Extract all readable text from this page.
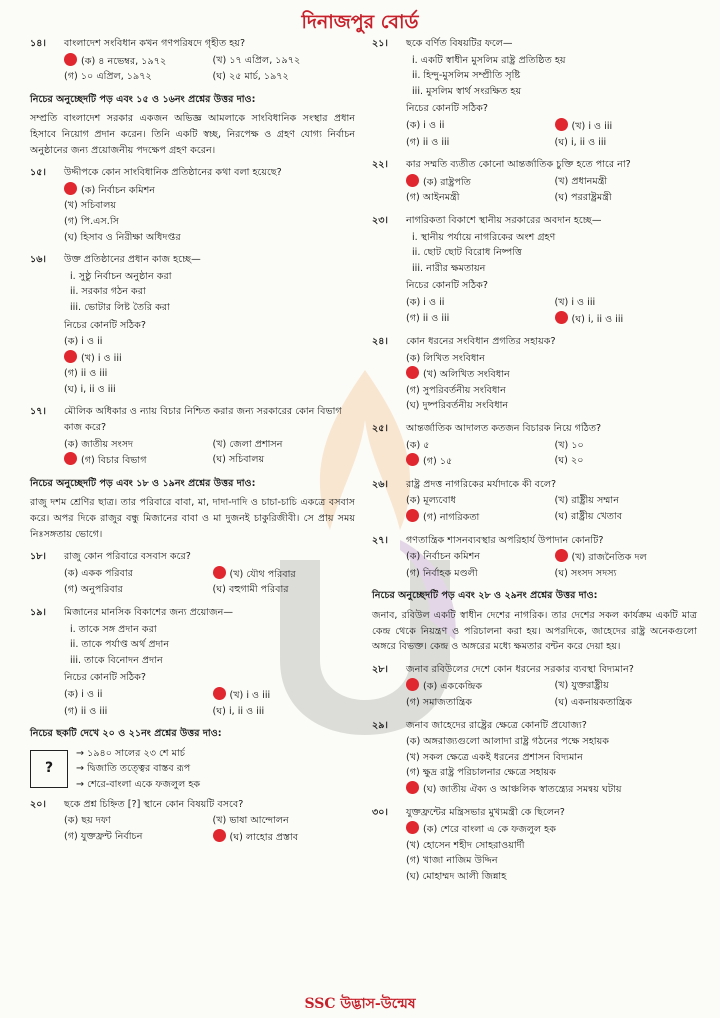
দিনাজপুর বোর্ড
১৪।	বাংলাদেশ সংবিধান কখন গণপরিষদে গৃহীত হয়?
(ক) ৪ নভেম্বর, ১৯৭২	(খ) ১৭ এপ্রিল, ১৯৭২
(গ) ১০ এপ্রিল, ১৯৭২	(ঘ) ২৫ মার্চ, ১৯৭২
নিচের অনুচ্ছেদটি পড় এবং ১৫ ও ১৬নং প্রশ্নের উত্তর দাও:
সম্প্রতি বাংলাদেশ সরকার একজন অভিজ্ঞ আমলাকে সাংবিধানিক সংস্থার প্রধান হিসাবে নিয়োগ প্রদান করেন। তিনি একটি স্বচ্ছ, নিরপেক্ষ ও গ্রহণ যোগ্য নির্বাচন অনুষ্ঠানের জন্য প্রয়োজনীয় পদক্ষেপ গ্রহণ করেন।
১৫।	উদ্দীপকে কোন সাংবিধানিক প্রতিষ্ঠানের কথা বলা হয়েছে?
(ক) নির্বাচন কমিশন
(খ) সচিবালয়
(গ) পি.এস.সি
(ঘ) হিসাব ও নিরীক্ষা অধিদপ্তর
১৬।	উক্ত প্রতিষ্ঠানের প্রধান কাজ হচ্ছে—
i. সুষ্ঠু নির্বাচন অনুষ্ঠান করা
ii. সরকার গঠন করা
iii. ভোটার লিষ্ট তৈরি করা
নিচের কোনটি সঠিক?
(ক) i ও ii
(খ) i ও iii
(গ) ii ও iii
(ঘ) i, ii ও iii
১৭।	মৌলিক অধিকার ও ন্যায় বিচার নিশ্চিত করার জন্য সরকারের কোন বিভাগ কাজ করে?
(ক) জাতীয় সংসদ	(খ) জেলা প্রশাসন
(গ) বিচার বিভাগ	(ঘ) সচিবালয়
নিচের অনুচ্ছেদটি পড় এবং ১৮ ও ১৯নং প্রশ্নের উত্তর দাও:
রাজু দশম শ্রেণির ছাত্র। তার পরিবারে বাবা, মা, দাদা-দাদি ও চাচা-চাচি একত্রে বসবাস করে। অপর দিকে রাজুর বন্ধু মিজানের বাবা ও মা দুজনই চাকুরিজীবী। সে প্রায় সময় নিঃসঙ্গতায় ভোগে।
১৮।	রাজু কোন পরিবারে বসবাস করে?
(ক) একক পরিবার	(খ) যৌথ পরিবার
(গ) অনুপরিবার	(ঘ) বহুগামী পরিবার
১৯।	মিজানের মানসিক বিকাশের জন্য প্রয়োজন—
i. তাকে সঙ্গ প্রদান করা
ii. তাকে পর্যাপ্ত অর্থ প্রদান
iii. তাকে বিনোদন প্রদান
নিচের কোনটি সঠিক?
(ক) i ও ii	(খ) i ও iii
(গ) ii ও iii	(ঘ) i, ii ও iii
নিচের ছকটি দেখে ২০ ও ২১নং প্রশ্নের উত্তর দাও:
?
→ ১৯৪০ সালের ২৩ শে মার্চ
→ দ্বিজাতি তত্ত্বের বাস্তব রূপ
→ শেরে-বাংলা একে ফজলুল হক
২০।	ছকে প্রশ্ন চিহ্নিত [?] স্থানে কোন বিষয়টি বসবে?
(ক) ছয় দফা	(খ) ভাষা আন্দোলন
(গ) যুক্তফ্রন্ট নির্বাচন	(ঘ) লাহোর প্রস্তাব
২১।	ছকে বর্ণিত বিষয়টির ফলে—
i. একটি স্বাধীন মুসলিম রাষ্ট্র প্রতিষ্ঠিত হয়
ii. হিন্দু-মুসলিম সম্প্রীতি সৃষ্টি
iii. মুসলিম স্বার্থ সংরক্ষিত হয়
নিচের কোনটি সঠিক?
(ক) i ও ii	(খ) i ও iii
(গ) ii ও iii	(ঘ) i, ii ও iii
২২।	কার সম্মতি ব্যতীত কোনো আন্তর্জাতিক চুক্তি হতে পারে না?
(ক) রাষ্ট্রপতি	(খ) প্রধানমন্ত্রী
(গ) আইনমন্ত্রী	(ঘ) পররাষ্ট্রমন্ত্রী
২৩।	নাগরিকতা বিকাশে স্থানীয় সরকারের অবদান হচ্ছে—
i. স্থানীয় পর্যায়ে নাগরিকের অংশ গ্রহণ
ii. ছোট ছোট বিরোধ নিষ্পত্তি
iii. নারীর ক্ষমতায়ন
নিচের কোনটি সঠিক?
(ক) i ও ii	(খ) i ও iii
(গ) ii ও iii	(ঘ) i, ii ও iii
২৪।	কোন ধরনের সংবিধান প্রগতির সহায়ক?
(ক) লিখিত সংবিধান
(খ) অলিখিত সংবিধান
(গ) সুপরিবর্তনীয় সংবিধান
(ঘ) দুষ্পরিবর্তনীয় সংবিধান
২৫।	আন্তর্জাতিক আদালত কতজন বিচারক নিয়ে গঠিত?
(ক) ৫	(খ) ১০
(গ) ১৫	(ঘ) ২০
২৬।	রাষ্ট্র প্রদত্ত নাগরিকের মর্যাদাকে কী বলে?
(ক) মূল্যবোধ	(খ) রাষ্ট্রীয় সম্মান
(গ) নাগরিকতা	(ঘ) রাষ্ট্রীয় খেতাব
২৭।	গণতান্ত্রিক শাসনব্যবস্থার অপরিহার্য উপাদান কোনটি?
(ক) নির্বাচন কমিশন	(খ) রাজনৈতিক দল
(গ) নির্বাহক মণ্ডলী	(ঘ) সংসদ সদস্য
নিচের অনুচ্ছেদটি পড় এবং ২৮ ও ২৯নং প্রশ্নের উত্তর দাও:
জনাব, রবিউল একটি স্বাধীন দেশের নাগরিক। তার দেশের সকল কার্যক্রম একটি মাত্র কেন্দ্র থেকে নিয়ন্ত্রণ ও পরিচালনা করা হয়। অপরদিকে, জাহেদের রাষ্ট্র অনেকগুলো অঙ্গরে বিভক্ত। কেন্দ্র ও অঙ্গরের মধ্যে ক্ষমতার বন্টন করে দেয়া হয়।
২৮।	জনাব রবিউলের দেশে কোন ধরনের সরকার ব্যবস্থা বিদ্যমান?
(ক) এককেন্দ্রিক	(খ) যুক্তরাষ্ট্রীয়
(গ) সমাজতান্ত্রিক	(ঘ) একনায়কতান্ত্রিক
২৯।	জনাব জাহেদের রাষ্ট্রের ক্ষেত্রে কোনটি প্রযোজ্য?
(ক) অঙ্গরাজ্যগুলো আলাদা রাষ্ট্র গঠনের পক্ষে সহায়ক
(খ) সকল ক্ষেত্রে একই ধরনের প্রশাসন বিদ্যমান
(গ) ক্ষুদ্র রাষ্ট্র পরিচালনার ক্ষেত্রে সহায়ক
(ঘ) জাতীয় ঐক্য ও আঞ্চলিক স্বাতন্ত্র্যের সমন্বয় ঘটায়
৩০।	যুক্তফ্রন্টের মন্ত্রিসভার মুখ্যমন্ত্রী কে ছিলেন?
(ক) শেরে বাংলা এ কে ফজলুল হক
(খ) হোসেন শহীদ সোহরাওয়ার্দী
(গ) খাজা নাজিম উদ্দিন
(ঘ) মোহাম্মদ আলী জিন্নাহ
SSC উদ্ভাস-উন্মেষ
